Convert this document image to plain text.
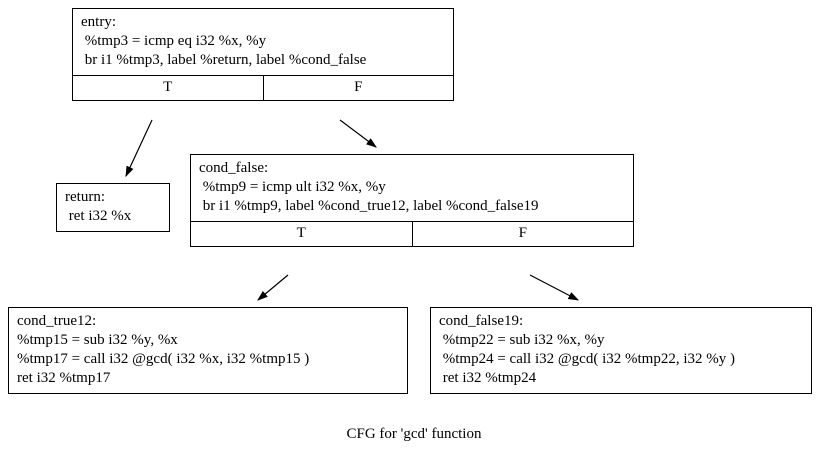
entry:
%tmp3 = icmp eq i32 %x, %y
br i1 %tmp3, label %return, label %cond_false
T	F
return:
ret i32 %x
cond_false:
%tmp9 = icmp ult i32 %x, %y
br i1 %tmp9, label %cond_true12, label %cond_false19
T	F
cond_true12:
%tmp15 = sub i32 %y, %x
%tmp17 = call i32 @gcd( i32 %x, i32 %tmp15 )
ret i32 %tmp17
cond_false19:
%tmp22 = sub i32 %x, %y
%tmp24 = call i32 @gcd( i32 %tmp22, i32 %y )
ret i32 %tmp24
CFG for 'gcd' function
